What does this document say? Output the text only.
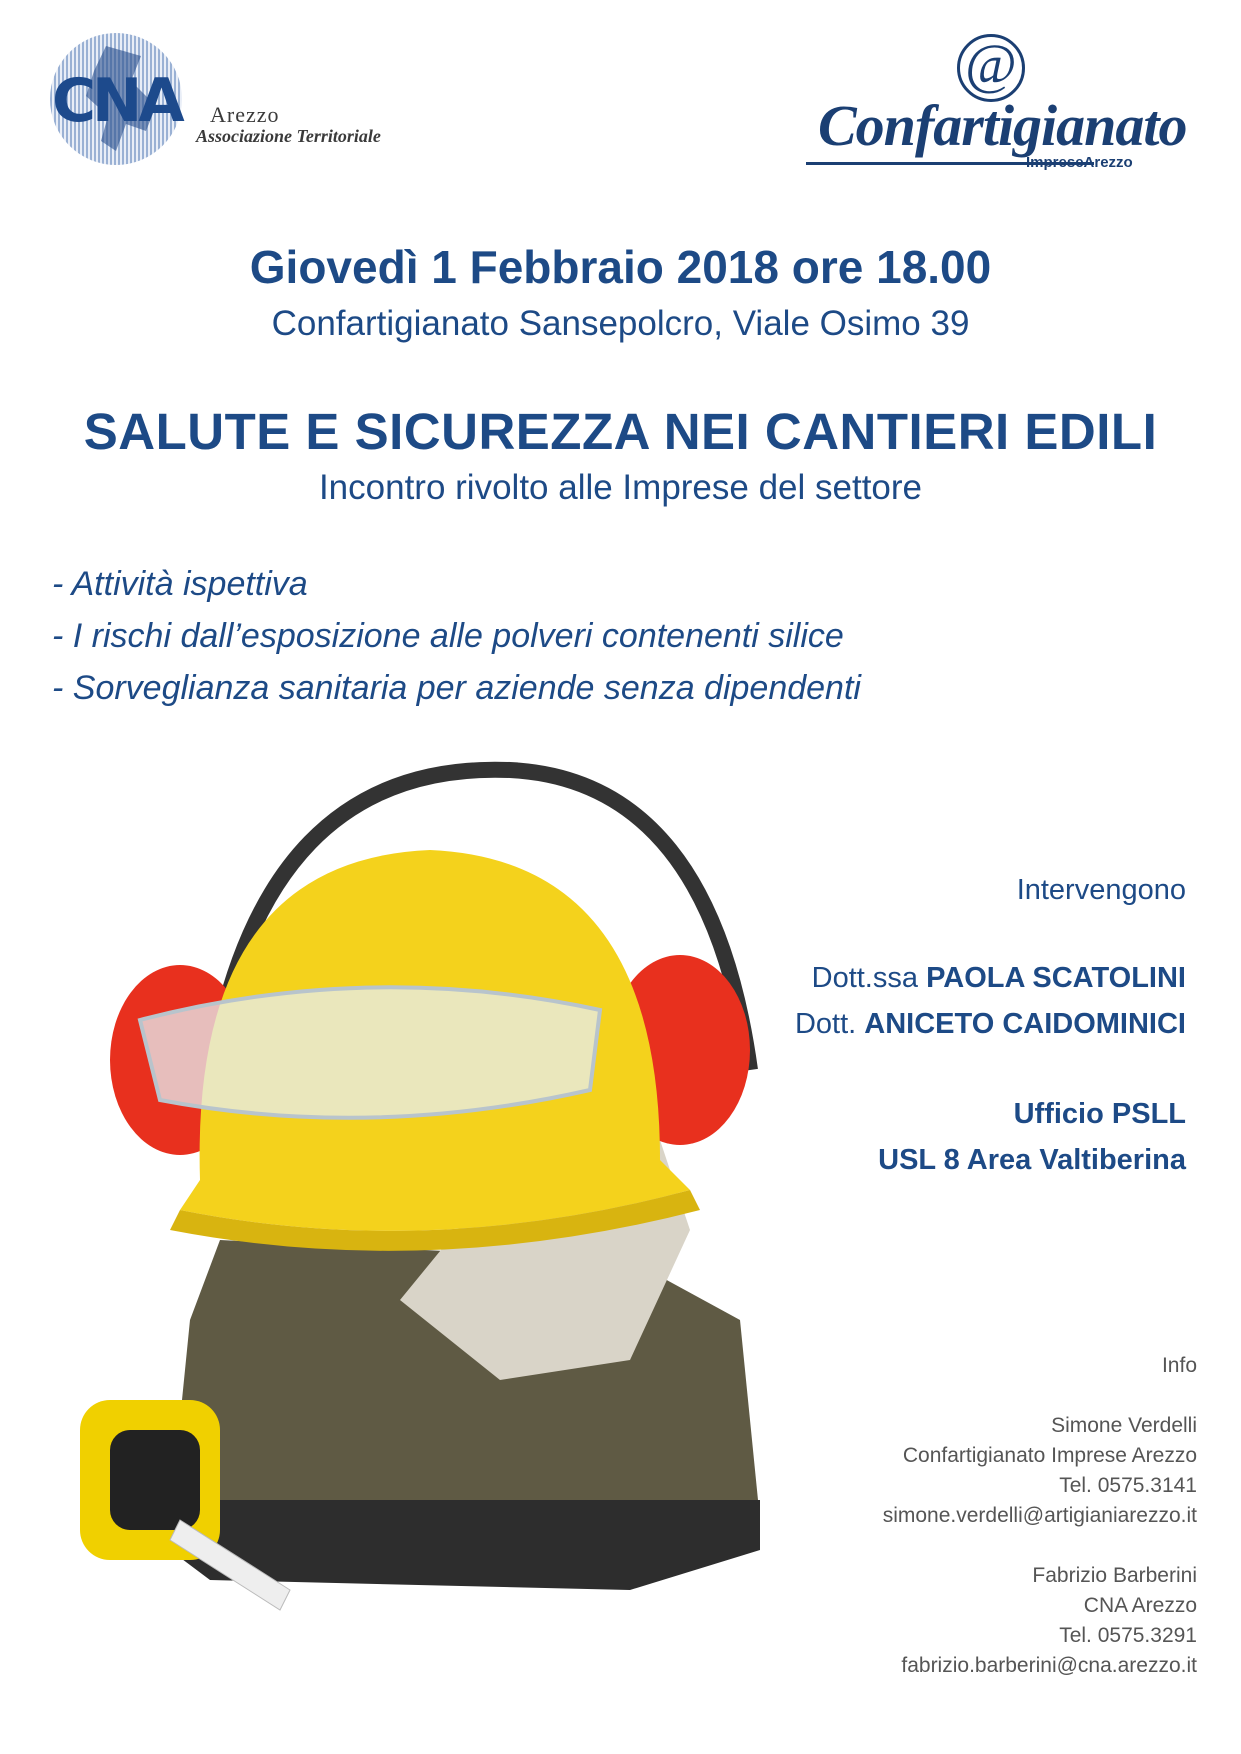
CNA Arezzo
Associazione Territoriale
@
Confartigianato
ImpreseArezzo
Giovedì 1 Febbraio 2018 ore 18.00
Confartigianato Sansepolcro, Viale Osimo 39
SALUTE E SICUREZZA NEI CANTIERI EDILI
Incontro rivolto alle Imprese del settore
- Attività ispettiva
- I rischi dall’esposizione alle polveri contenenti silice
- Sorveglianza sanitaria per aziende senza dipendenti
Intervengono
Dott.ssa PAOLA SCATOLINI
Dott. ANICETO CAIDOMINICI
Ufficio PSLL
USL 8 Area Valtiberina
Info
Simone Verdelli
Confartigianato Imprese Arezzo
Tel. 0575.3141
simone.verdelli@artigianiarezzo.it
Fabrizio Barberini
CNA Arezzo
Tel. 0575.3291
fabrizio.barberini@cna.arezzo.it
